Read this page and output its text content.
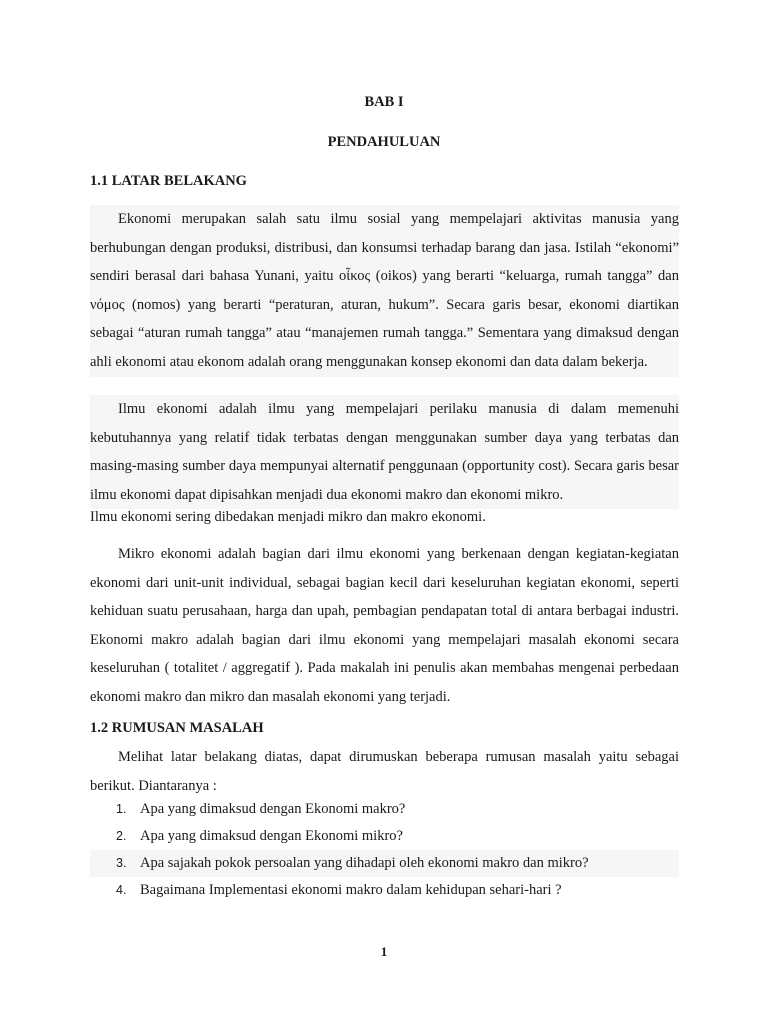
BAB I
PENDAHULUAN
1.1 LATAR BELAKANG
Ekonomi merupakan salah satu ilmu sosial yang mempelajari aktivitas manusia yang berhubungan dengan produksi, distribusi, dan konsumsi terhadap barang dan jasa. Istilah “ekonomi” sendiri berasal dari bahasa Yunani, yaitu οἶκος (oikos) yang berarti “keluarga, rumah tangga” dan νόμος (nomos) yang berarti “peraturan, aturan, hukum”. Secara garis besar, ekonomi diartikan sebagai “aturan rumah tangga” atau “manajemen rumah tangga.” Sementara yang dimaksud dengan ahli ekonomi atau ekonom adalah orang menggunakan konsep ekonomi dan data dalam bekerja.
Ilmu ekonomi adalah ilmu yang mempelajari perilaku manusia di dalam memenuhi kebutuhannya yang relatif tidak terbatas dengan menggunakan sumber daya yang terbatas dan masing-masing sumber daya mempunyai alternatif penggunaan (opportunity cost). Secara garis besar ilmu ekonomi dapat dipisahkan menjadi dua ekonomi makro dan ekonomi mikro.
Ilmu ekonomi sering dibedakan menjadi mikro dan makro ekonomi.
Mikro ekonomi adalah bagian dari ilmu ekonomi yang berkenaan dengan kegiatan-kegiatan ekonomi dari unit-unit individual, sebagai bagian kecil dari keseluruhan kegiatan ekonomi, seperti kehiduan suatu perusahaan, harga dan upah, pembagian pendapatan total di antara berbagai industri. Ekonomi makro adalah bagian dari ilmu ekonomi yang mempelajari masalah ekonomi secara keseluruhan ( totalitet / aggregatif ). Pada makalah ini penulis akan membahas mengenai perbedaan ekonomi makro dan mikro dan masalah ekonomi yang terjadi.
1.2 RUMUSAN MASALAH
Melihat latar belakang diatas, dapat dirumuskan beberapa rumusan masalah yaitu sebagai berikut. Diantaranya :
1. Apa yang dimaksud dengan Ekonomi makro?
2. Apa yang dimaksud dengan Ekonomi mikro?
3. Apa sajakah pokok persoalan yang dihadapi oleh ekonomi makro dan mikro?
4. Bagaimana Implementasi ekonomi makro dalam kehidupan sehari-hari ?
1
